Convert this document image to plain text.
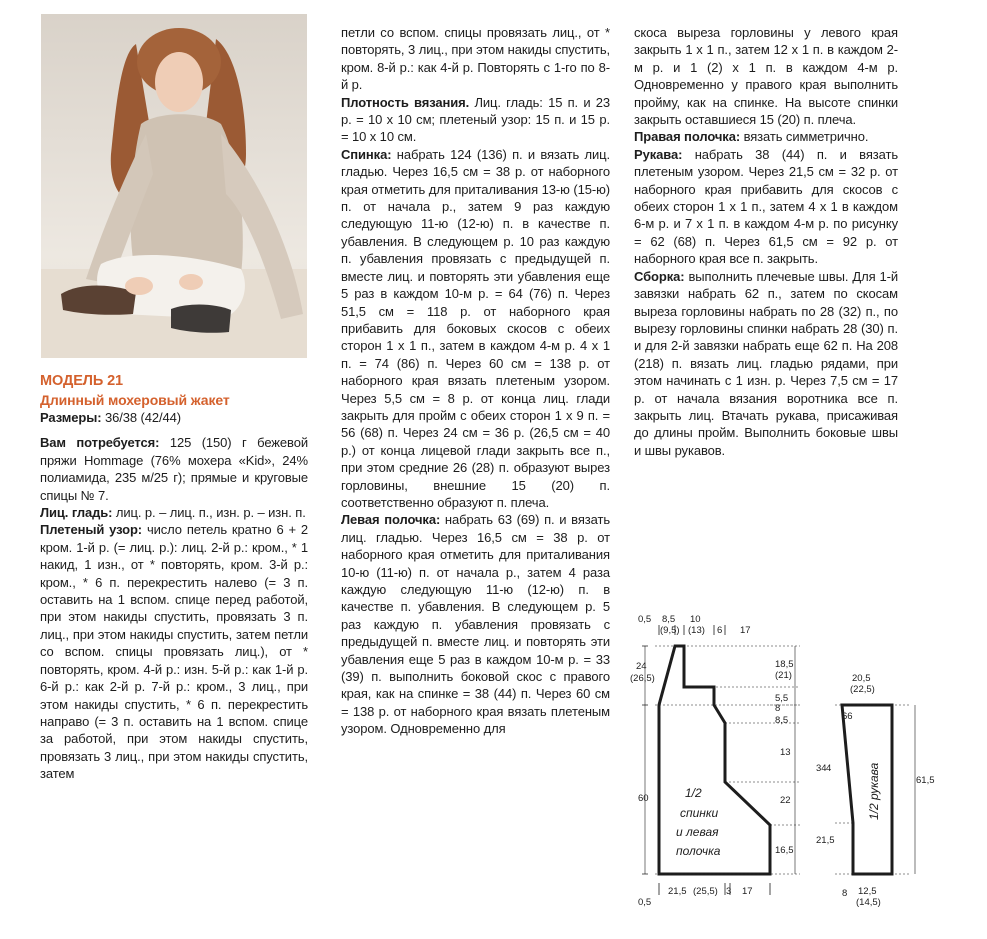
МОДЕЛЬ 21
Длинный мохеровый жакет

Размеры: 36/38 (42/44)

Вам потребуется: 125 (150) г бежевой пряжи Hommage (76% мохера «Kid», 24% полиамида, 235 м/25 г); прямые и круговые спицы № 7.

Лиц. гладь: лиц. р. – лиц. п., изн. р. – изн. п.

Плетеный узор: число петель кратно 6 + 2 кром. 1-й р. (= лиц. р.): лиц. 2-й р.: кром., * 1 накид, 1 изн., от * повторять, кром. 3-й р.: кром., * 6 п. перекрестить налево (= 3 п. оставить на 1 вспом. спице перед работой, при этом накиды спустить, провязать 3 п. лиц., при этом накиды спустить, затем петли со вспом. спицы провязать лиц.), от * повторять, кром. 4-й р.: изн. 5-й р.: как 1-й р. 6-й р.: как 2-й р. 7-й р.: кром., 3 лиц., при этом накиды спустить, * 6 п. перекрестить направо (= 3 п. оставить на 1 вспом. спице за работой, при этом накиды спустить, провязать 3 лиц., при этом накиды спустить, затем

петли со вспом. спицы провязать лиц., от * повторять, 3 лиц., при этом накиды спустить, кром. 8-й р.: как 4-й р. Повторять с 1-го по 8-й р.

Плотность вязания. Лиц. гладь: 15 п. и 23 р. = 10 х 10 см; плетеный узор: 15 п. и 15 р. = 10 х 10 см.

Спинка: набрать 124 (136) п. и вязать лиц. гладью. Через 16,5 см = 38 р. от наборного края отметить для приталивания 13-ю (15-ю) п. от начала р., затем 9 раз каждую следующую 11-ю (12-ю) п. в качестве п. убавления. В следующем р. 10 раз каждую п. убавления провязать с предыдущей п. вместе лиц. и повторять эти убавления еще 5 раз в каждом 10-м р. = 64 (76) п. Через 51,5 см = 118 р. от наборного края прибавить для боковых скосов с обеих сторон 1 х 1 п., затем в каждом 4-м р. 4 х 1 п. = 74 (86) п. Через 60 см = 138 р. от наборного края вязать плетеным узором. Через 5,5 см = 8 р. от конца лиц. глади закрыть для пройм с обеих сторон 1 х 9 п. = 56 (68) п. Через 24 см = 36 р. (26,5 см = 40 р.) от конца лицевой глади закрыть все п., при этом средние 26 (28) п. образуют вырез горловины, внешние 15 (20) п. соответственно образуют п. плеча.

Левая полочка: набрать 63 (69) п. и вязать лиц. гладью. Через 16,5 см = 38 р. от наборного края отметить для приталивания 10-ю (11-ю) п. от начала р., затем 4 раза каждую следующую 11-ю (12-ю) п. в качестве п. убавления. В следующем р. 5 раз каждую п. убавления провязать с предыдущей п. вместе лиц. и повторять эти убавления еще 5 раз в каждом 10-м р. = 33 (39) п. выполнить боковой скос с правого края, как на спинке = 38 (44) п. Через 60 см = 138 р. от наборного края вязать плетеным узором. Одновременно для

скоса выреза горловины у левого края закрыть 1 х 1 п., затем 12 х 1 п. в каждом 2-м р. и 1 (2) х 1 п. в каждом 4-м р. Одновременно у правого края выполнить пройму, как на спинке. На высоте спинки закрыть оставшиеся 15 (20) п. плеча.

Правая полочка: вязать симметрично.

Рукава: набрать 38 (44) п. и вязать плетеным узором. Через 21,5 см = 32 р. от наборного края прибавить для скосов с обеих сторон 1 х 1 п., затем 4 х 1 в каждом 6-м р. и 7 х 1 п. в каждом 4-м р. по рисунку = 62 (68) п. Через 61,5 см = 92 р. от наборного края все п. закрыть.

Сборка: выполнить плечевые швы. Для 1-й завязки набрать 62 п., затем по скосам выреза горловины набрать по 28 (32) п., по вырезу горловины спинки набрать 28 (30) п. и для 2-й завязки набрать еще 62 п. На 208 (218) п. вязать лиц. гладью рядами, при этом начинать с 1 изн. р. Через 7,5 см = 17 р. от начала вязания воротника все п. закрыть лиц. Втачать рукава, присаживая до длины пройм. Выполнить боковые швы и швы рукавов.

0,5 8,5
(9,5)
10
(13) 6 17
24
(26,5)
60
18,5
(21)
5,5
8
8,5
13
22
16,5
1/2
спинки
и левая
полочка
0,5
21,5 (25,5) 3 17
20,5
(22,5)
66
34 4
21,5
61,5
8 12,5
(14,5)
1/2 рукава
